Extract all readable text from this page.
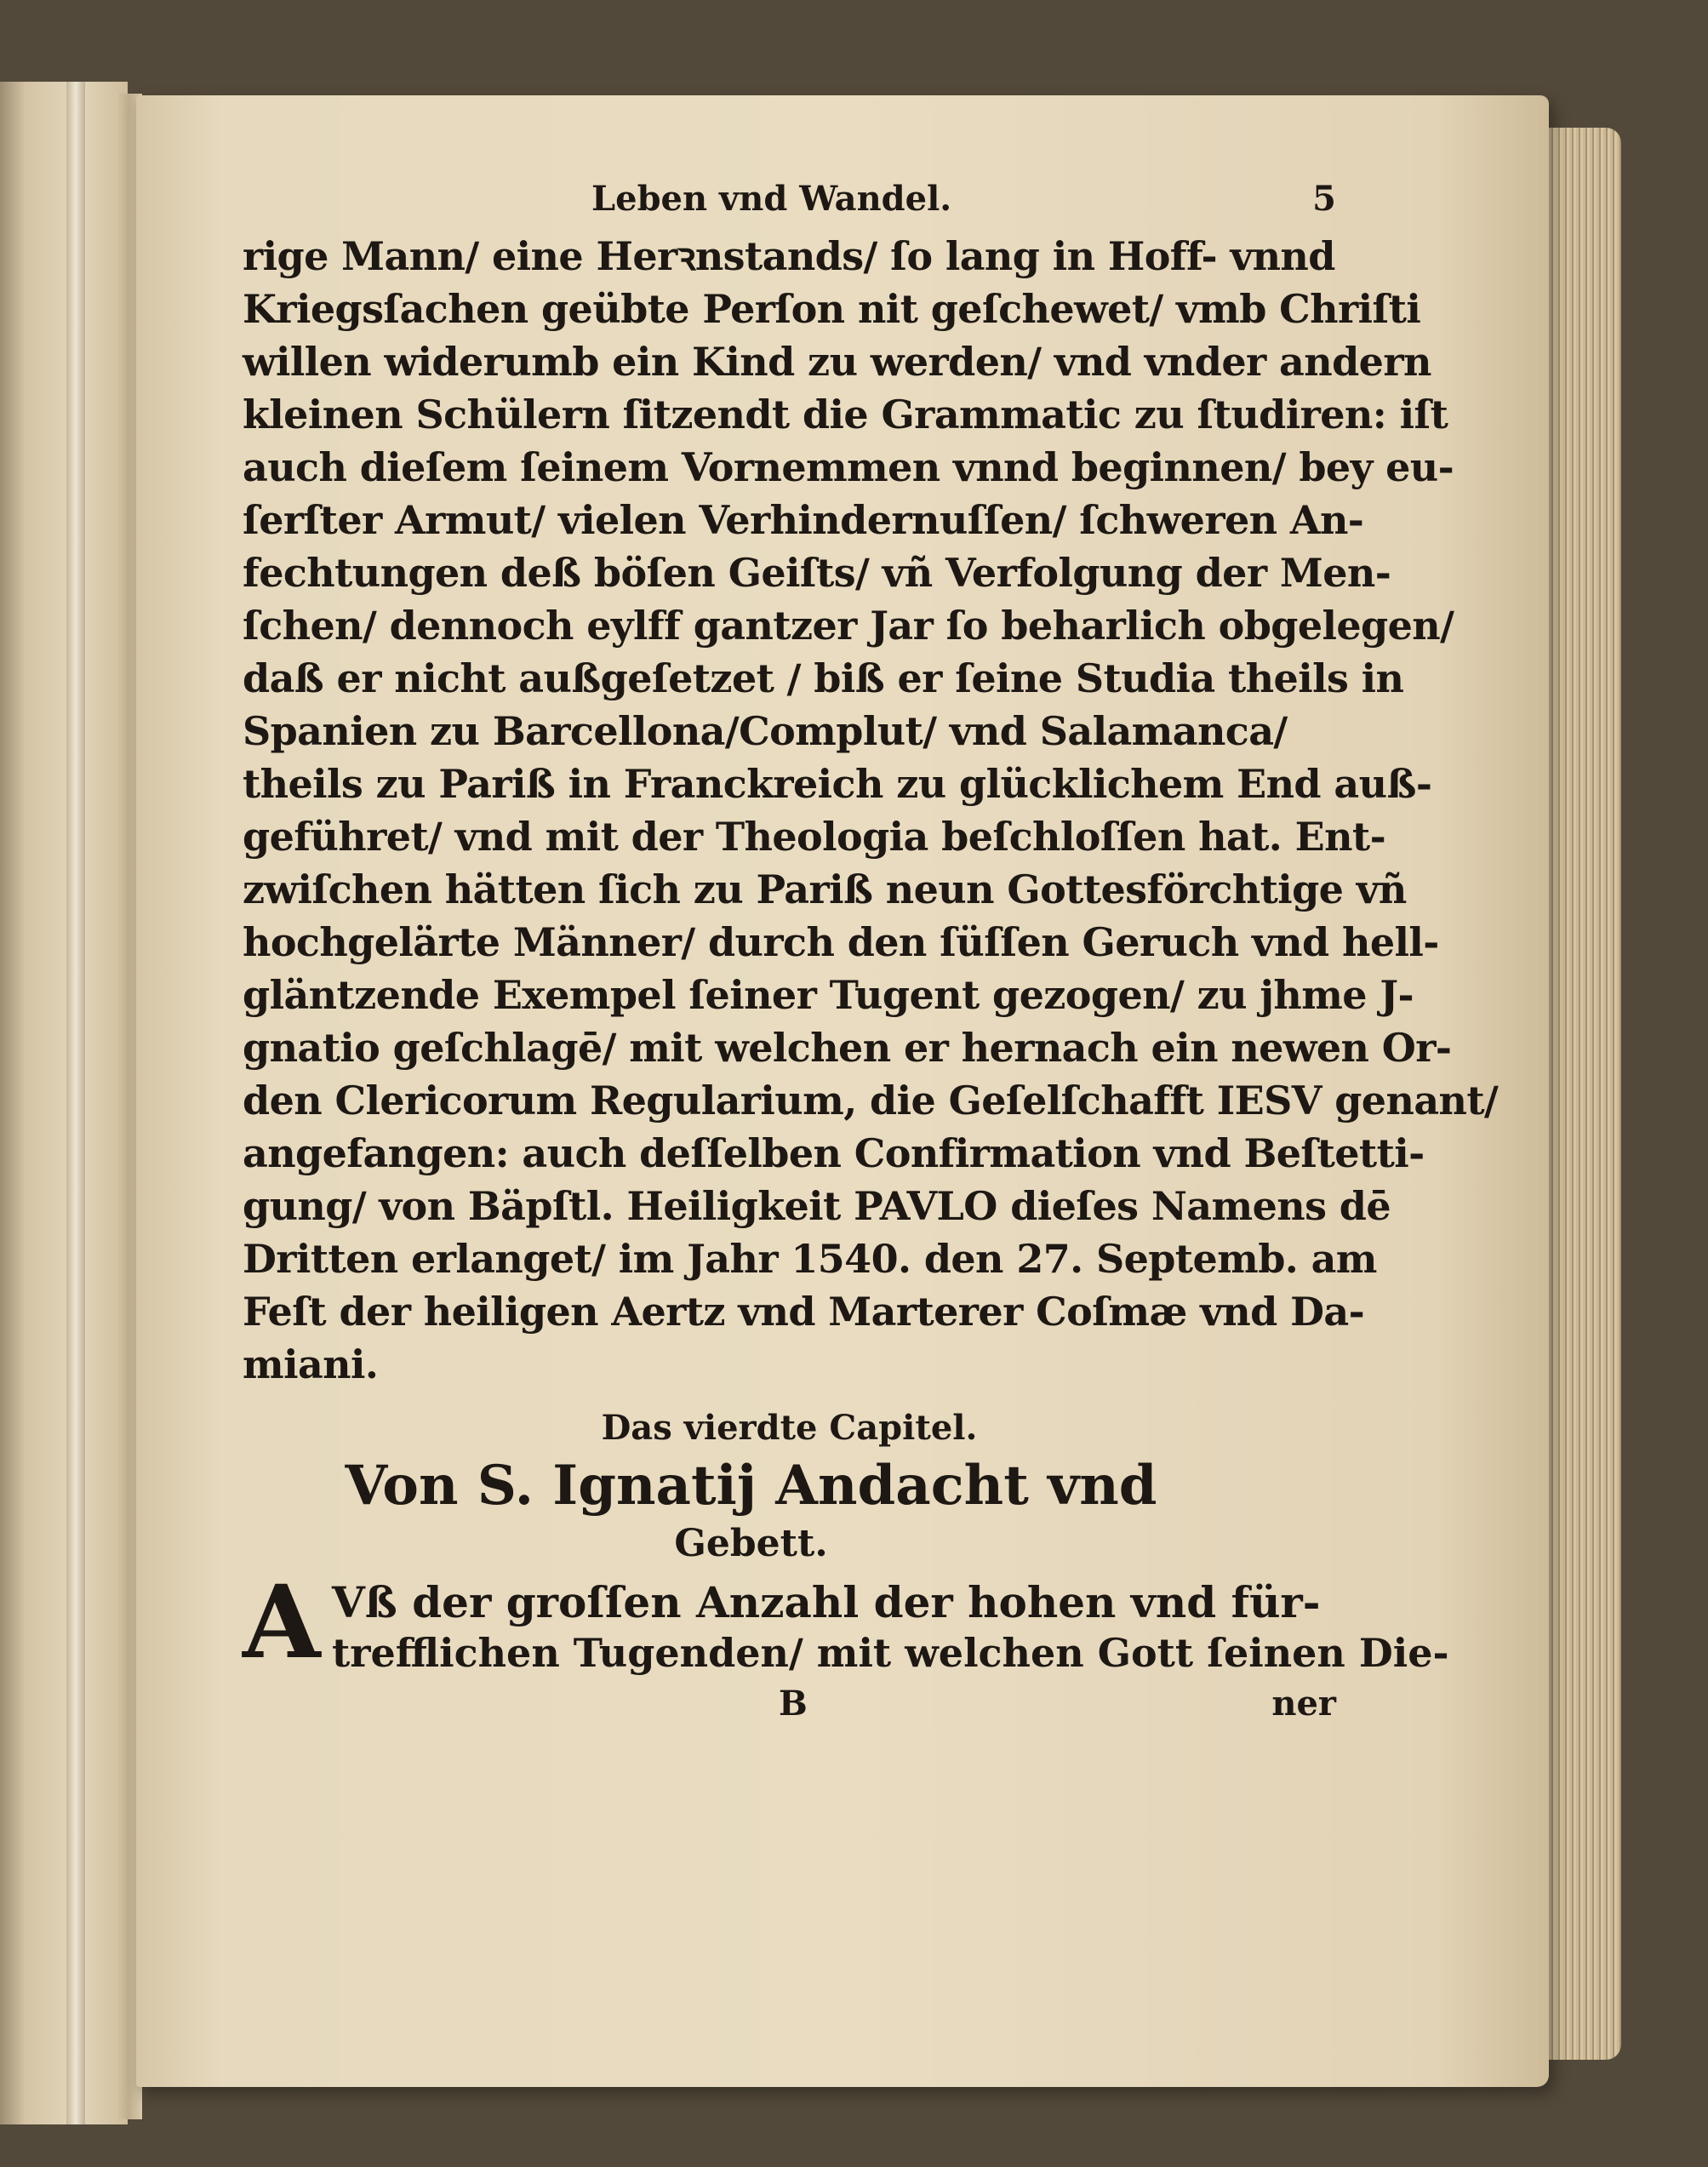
Leben vnd Wandel.	5
rige Mann/ eine Herꝛnstands/ ſo lang in Hoff- vnnd
Kriegsſachen geübte Perſon nit geſchewet/ vmb Chriſti
willen widerumb ein Kind zu werden/ vnd vnder andern
kleinen Schülern ſitzendt die Grammatic zu ſtudiren: iſt
auch dieſem ſeinem Vornemmen vnnd beginnen/ bey eu-
ſerſter Armut/ vielen Verhindernuſſen/ ſchweren An-
fechtungen deß böſen Geiſts/ vñ Verfolgung der Men-
ſchen/ dennoch eylff gantzer Jar ſo beharlich obgelegen/
daß er nicht außgeſetzet / biß er ſeine Studia theils in
Spanien zu Barcellona/Complut/ vnd Salamanca/
theils zu Pariß in Franckreich zu glücklichem End auß-
geführet/ vnd mit der Theologia beſchloſſen hat. Ent-
zwiſchen hätten ſich zu Pariß neun Gottesförchtige vñ
hochgelärte Männer/ durch den ſüſſen Geruch vnd hell-
gläntzende Exempel ſeiner Tugent gezogen/ zu jhme J-
gnatio geſchlagē/ mit welchen er hernach ein newen Or-
den Clericorum Regularium, die Geſelſchafft IESV genant/
angefangen: auch deſſelben Confirmation vnd Beſtetti-
gung/ von Bäpſtl. Heiligkeit PAVLO dieſes Namens dē
Dritten erlanget/ im Jahr 1540. den 27. Septemb. am
Feſt der heiligen Aertz vnd Marterer Coſmæ vnd Da-
miani.
Das vierdte Capitel.
Von S. Ignatij Andacht vnd
Gebett.
A Vß der groſſen Anzahl der hohen vnd für-
trefflichen Tugenden/ mit welchen Gott ſeinen Die-
B	ner
